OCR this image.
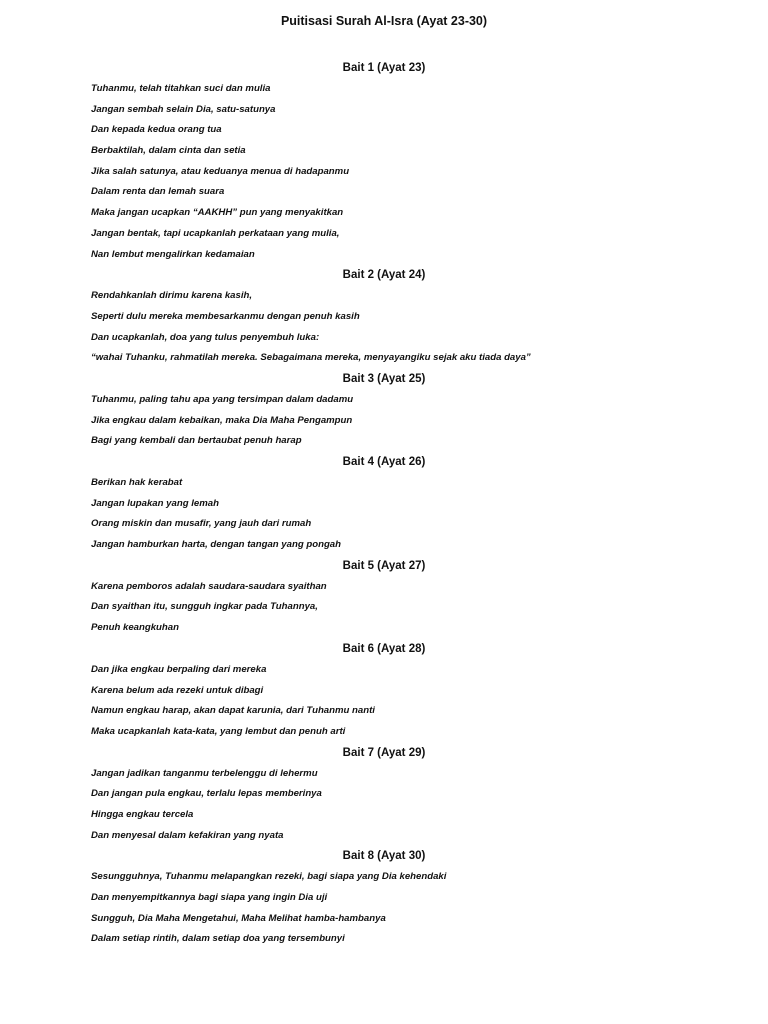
Puitisasi Surah Al-Isra (Ayat 23-30)
Bait 1 (Ayat 23)
Tuhanmu, telah titahkan suci dan mulia
Jangan sembah selain Dia, satu-satunya
Dan kepada kedua orang tua
Berbaktilah, dalam cinta dan setia
Jika salah satunya, atau keduanya menua di hadapanmu
Dalam renta dan lemah suara
Maka jangan ucapkan “AAKHH” pun yang menyakitkan
Jangan bentak, tapi ucapkanlah perkataan yang mulia,
Nan lembut mengalirkan kedamaian
Bait 2 (Ayat 24)
Rendahkanlah dirimu karena kasih,
Seperti dulu mereka membesarkanmu dengan penuh kasih
Dan ucapkanlah, doa yang tulus penyembuh luka:
“wahai Tuhanku, rahmatilah mereka. Sebagaimana mereka, menyayangiku sejak aku tiada daya”
Bait 3 (Ayat 25)
Tuhanmu, paling tahu apa yang tersimpan dalam dadamu
Jika engkau dalam kebaikan, maka Dia Maha Pengampun
Bagi yang kembali dan bertaubat penuh harap
Bait 4 (Ayat 26)
Berikan hak kerabat
Jangan lupakan yang lemah
Orang miskin dan musafir, yang jauh dari rumah
Jangan hamburkan harta, dengan tangan yang pongah
Bait 5 (Ayat 27)
Karena pemboros adalah saudara-saudara syaithan
Dan syaithan itu, sungguh ingkar pada Tuhannya,
Penuh keangkuhan
Bait 6 (Ayat 28)
Dan jika engkau berpaling dari mereka
Karena belum ada rezeki untuk dibagi
Namun engkau harap, akan dapat karunia, dari Tuhanmu nanti
Maka ucapkanlah kata-kata, yang lembut dan penuh arti
Bait 7 (Ayat 29)
Jangan jadikan tanganmu terbelenggu di lehermu
Dan jangan pula engkau, terlalu lepas memberinya
Hingga engkau tercela
Dan menyesal dalam kefakiran yang nyata
Bait 8 (Ayat 30)
Sesungguhnya, Tuhanmu melapangkan rezeki, bagi siapa yang Dia kehendaki
Dan menyempitkannya bagi siapa yang ingin Dia uji
Sungguh, Dia Maha Mengetahui, Maha Melihat hamba-hambanya
Dalam setiap rintih, dalam setiap doa yang tersembunyi
